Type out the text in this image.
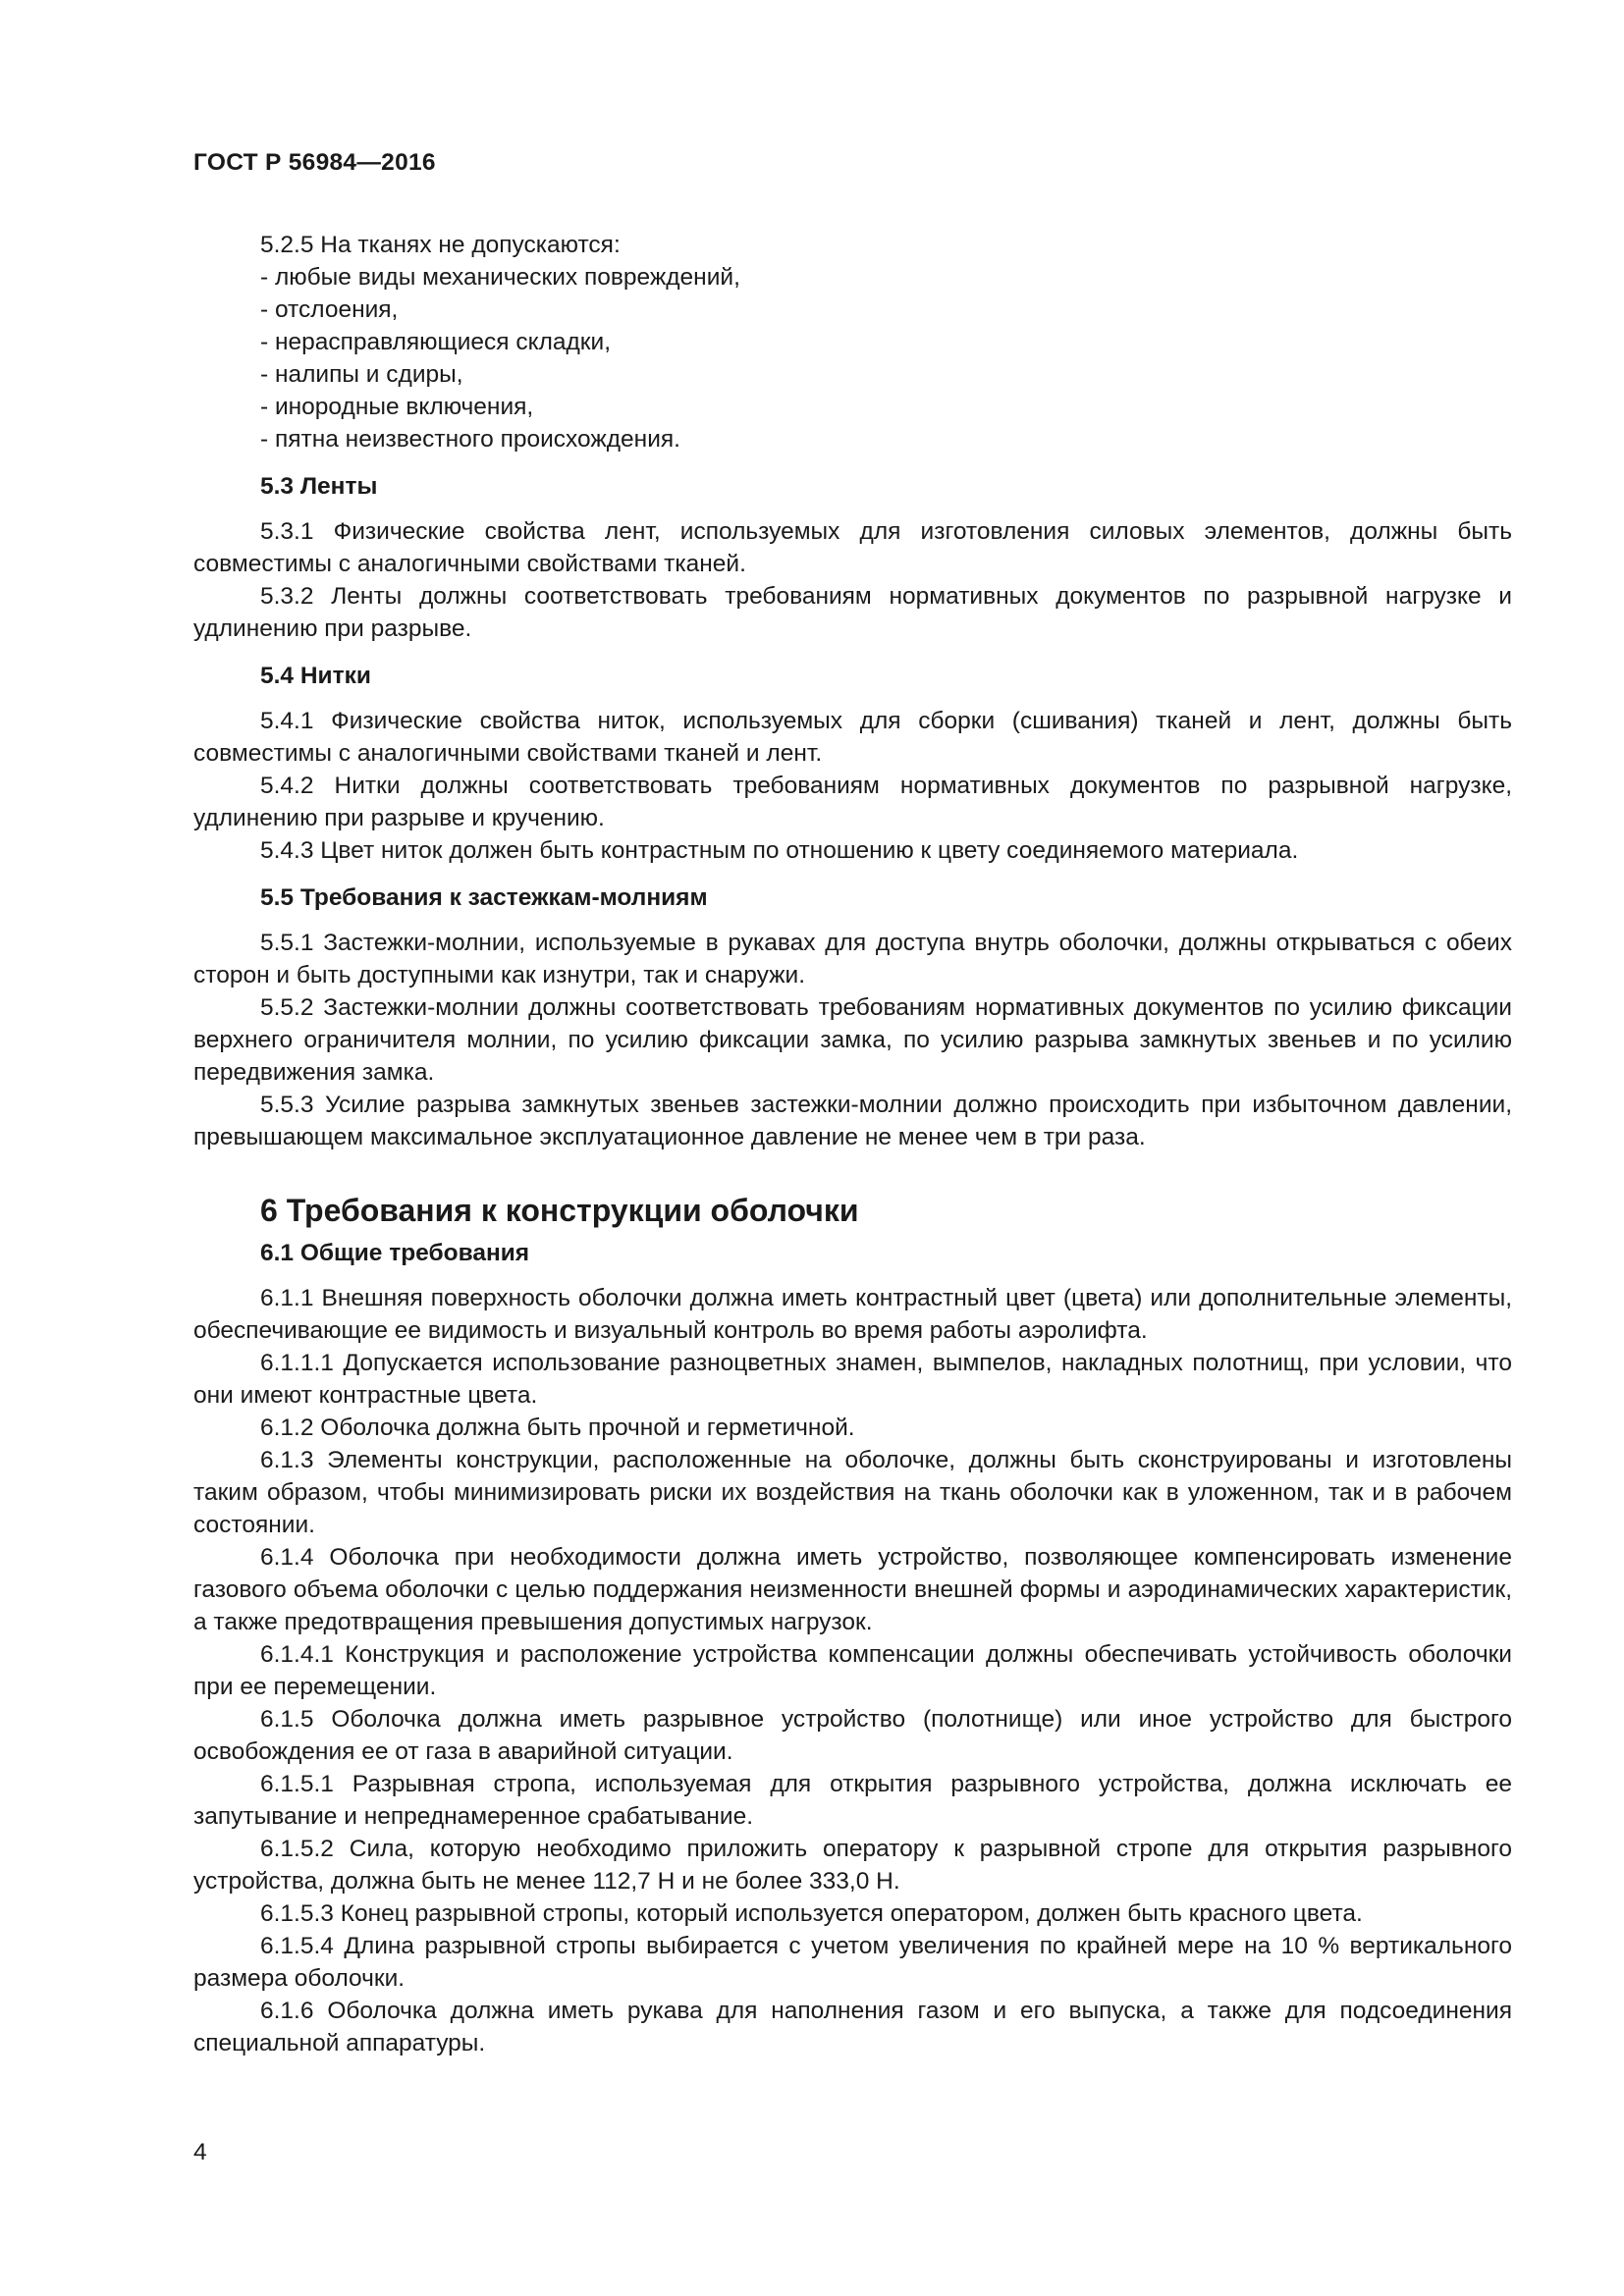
ГОСТ Р 56984—2016

5.2.5 На тканях не допускаются:

- любые виды механических повреждений,

- отслоения,

- нерасправляющиеся складки,

- налипы и сдиры,

- инородные включения,

- пятна неизвестного происхождения.

5.3 Ленты

5.3.1 Физические свойства лент, используемых для изготовления силовых элементов, должны быть совместимы с аналогичными свойствами тканей.

5.3.2 Ленты должны соответствовать требованиям нормативных документов по разрывной нагрузке и удлинению при разрыве.

5.4 Нитки

5.4.1 Физические свойства ниток, используемых для сборки (сшивания) тканей и лент, должны быть совместимы с аналогичными свойствами тканей и лент.

5.4.2 Нитки должны соответствовать требованиям нормативных документов по разрывной нагрузке, удлинению при разрыве и кручению.

5.4.3 Цвет ниток должен быть контрастным по отношению к цвету соединяемого материала.

5.5 Требования к застежкам-молниям

5.5.1 Застежки-молнии, используемые в рукавах для доступа внутрь оболочки, должны открываться с обеих сторон и быть доступными как изнутри, так и снаружи.

5.5.2 Застежки-молнии должны соответствовать требованиям нормативных документов по усилию фиксации верхнего ограничителя молнии, по усилию фиксации замка, по усилию разрыва замкнутых звеньев и по усилию передвижения замка.

5.5.3 Усилие разрыва замкнутых звеньев застежки-молнии должно происходить при избыточном давлении, превышающем максимальное эксплуатационное давление не менее чем в три раза.

6 Требования к конструкции оболочки

6.1 Общие требования

6.1.1 Внешняя поверхность оболочки должна иметь контрастный цвет (цвета) или дополнительные элементы, обеспечивающие ее видимость и визуальный контроль во время работы аэролифта.

6.1.1.1 Допускается использование разноцветных знамен, вымпелов, накладных полотнищ, при условии, что они имеют контрастные цвета.

6.1.2 Оболочка должна быть прочной и герметичной.

6.1.3 Элементы конструкции, расположенные на оболочке, должны быть сконструированы и изготовлены таким образом, чтобы минимизировать риски их воздействия на ткань оболочки как в уложенном, так и в рабочем состоянии.

6.1.4 Оболочка при необходимости должна иметь устройство, позволяющее компенсировать изменение газового объема оболочки с целью поддержания неизменности внешней формы и аэродинамических характеристик, а также предотвращения превышения допустимых нагрузок.

6.1.4.1 Конструкция и расположение устройства компенсации должны обеспечивать устойчивость оболочки при ее перемещении.

6.1.5 Оболочка должна иметь разрывное устройство (полотнище) или иное устройство для быстрого освобождения ее от газа в аварийной ситуации.

6.1.5.1 Разрывная стропа, используемая для открытия разрывного устройства, должна исключать ее запутывание и непреднамеренное срабатывание.

6.1.5.2 Сила, которую необходимо приложить оператору к разрывной стропе для открытия разрывного устройства, должна быть не менее 112,7 Н и не более 333,0 Н.

6.1.5.3 Конец разрывной стропы, который используется оператором, должен быть красного цвета.

6.1.5.4 Длина разрывной стропы выбирается с учетом увеличения по крайней мере на 10 % вертикального размера оболочки.

6.1.6 Оболочка должна иметь рукава для наполнения газом и его выпуска, а также для подсоединения специальной аппаратуры.

4
